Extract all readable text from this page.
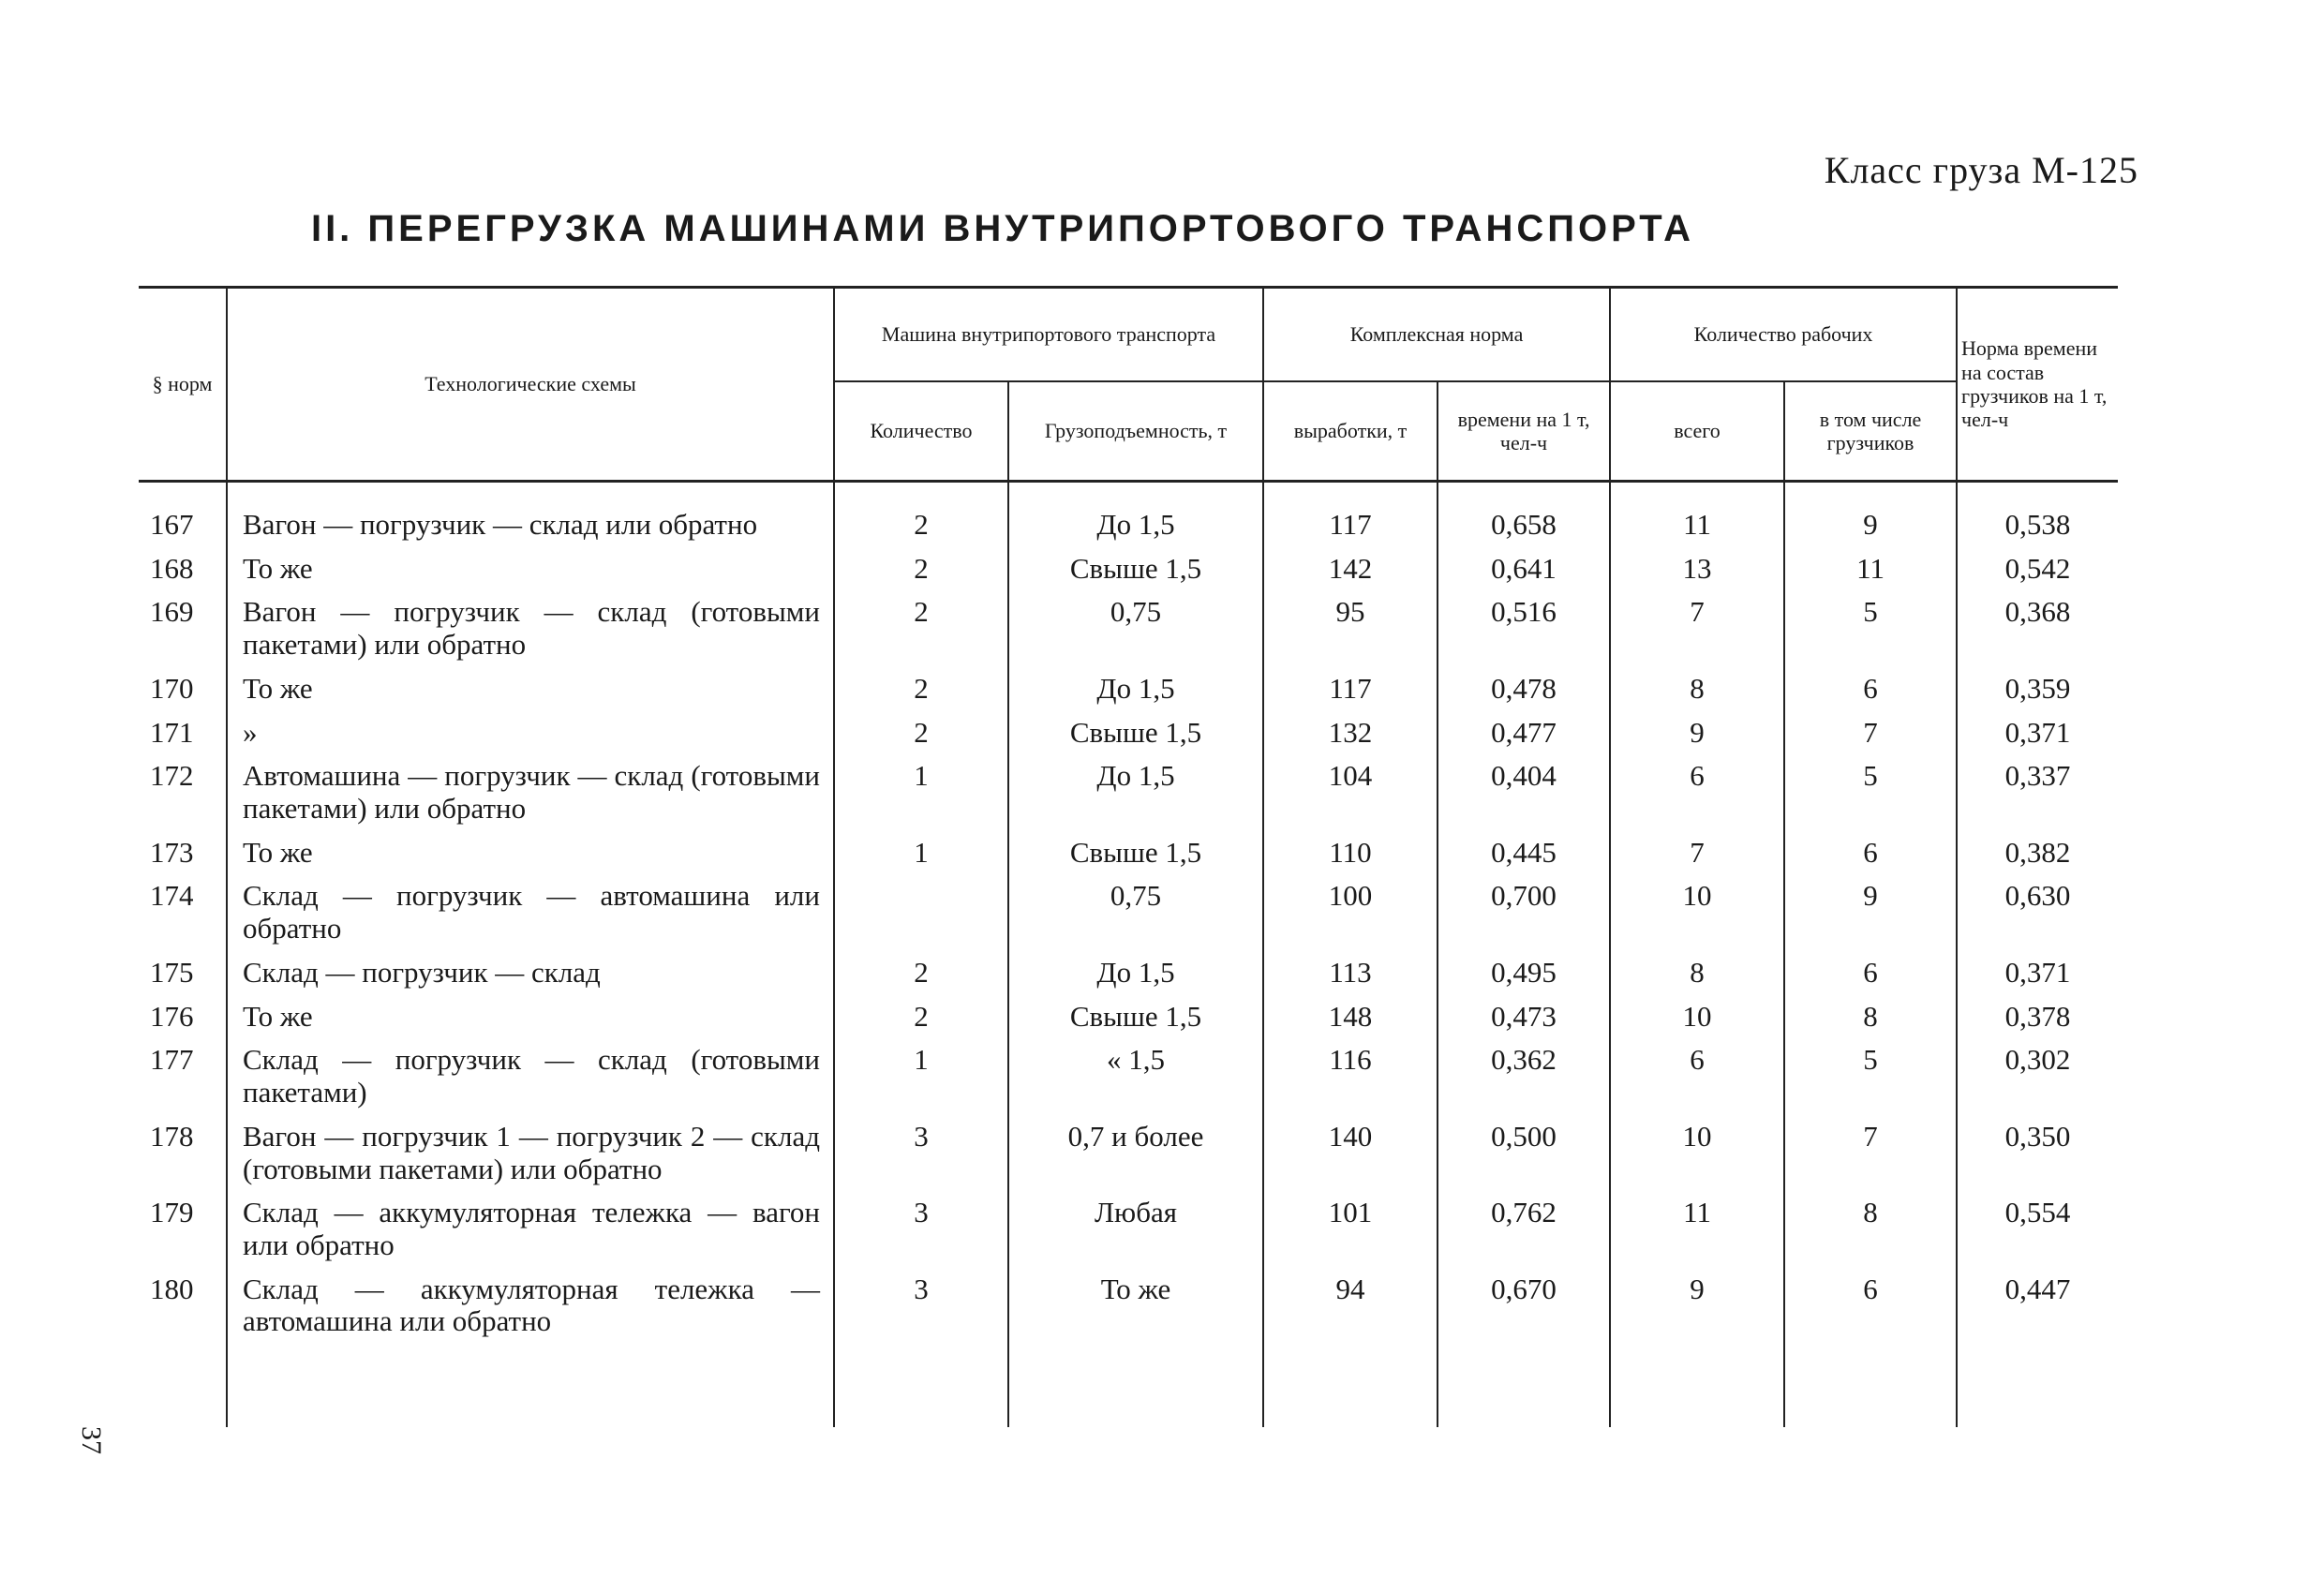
Класс груза М-125
II. ПЕРЕГРУЗКА МАШИНАМИ ВНУТРИПОРТОВОГО ТРАНСПОРТА
37
§ норм	Технологические схемы	Машина внутрипортового транспорта		Комплексная норма		Количество рабочих		Норма времени на состав грузчиков на 1 т, чел-ч
		Количество	Грузоподъемность, т	выработки, т	времени на 1 т, чел-ч	всего	в том числе грузчиков	
167	Вагон — погрузчик — склад или обратно	2	До 1,5	117	0,658	11	9	0,538
168	То же	2	Свыше 1,5	142	0,641	13	11	0,542
169	Вагон — погрузчик — склад (готовыми пакетами) или обратно	2	0,75	95	0,516	7	5	0,368
170	То же	2	До 1,5	117	0,478	8	6	0,359
171	»	2	Свыше 1,5	132	0,477	9	7	0,371
172	Автомашина — погрузчик — склад (готовыми пакетами) или обратно	1	До 1,5	104	0,404	6	5	0,337
173	То же	1	Свыше 1,5	110	0,445	7	6	0,382
174	Склад — погрузчик — автомашина или обратно		0,75	100	0,700	10	9	0,630
175	Склад — погрузчик — склад	2	До 1,5	113	0,495	8	6	0,371
176	То же	2	Свыше 1,5	148	0,473	10	8	0,378
177	Склад — погрузчик — склад (готовыми пакетами)	1	« 1,5	116	0,362	6	5	0,302
178	Вагон — погрузчик 1 — погрузчик 2 — склад (готовыми пакетами) или обратно	3	0,7 и более	140	0,500	10	7	0,350
179	Склад — аккумуляторная тележка — вагон или обратно	3	Любая	101	0,762	11	8	0,554
180	Склад — аккумуляторная тележка — автомашина или обратно	3	То же	94	0,670	9	6	0,447
